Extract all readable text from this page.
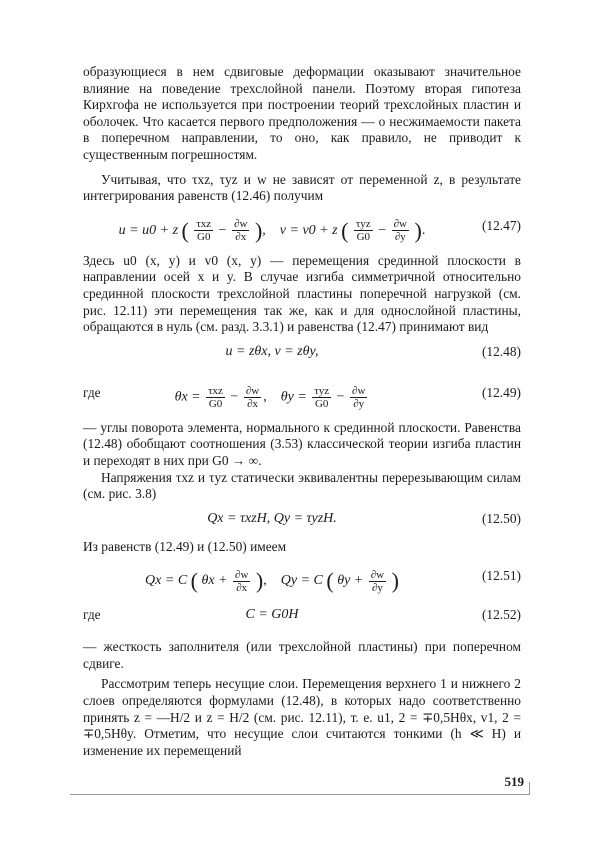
образующиеся в нем сдвиговые деформации оказывают значительное влияние на поведение трехслойной панели. Поэтому вторая гипотеза Кирхгофа не используется при построении теорий трехслойных пластин и оболочек. Что касается первого предположения — о несжимаемости пакета в поперечном направлении, то оно, как правило, не приводит к существенным погрешностям.

Учитывая, что τxz, τyz и w не зависят от переменной z, в результате интегрирования равенств (12.46) получим

u = u0 + z ( $\frac{\text{τxz}}{G0} - \frac{\partial w}{\partial x}$ ), v = v0 + z ( $\frac{\text{τyz}}{G0} - \frac{\partial w}{\partial y}$ ).	(12.47)

Здесь u0 (x, y) и v0 (x, y) — перемещения срединной плоскости в направлении осей x и y. В случае изгиба симметричной относительно срединной плоскости трехслойной пластины поперечной нагрузкой (см. рис. 12.11) эти перемещения так же, как и для однослойной пластины, обращаются в нуль (см. разд. 3.3.1) и равенства (12.47) принимают вид

u = zθx, v = zθy,	(12.48)
где	$\theta x = \frac{\text{τxz}}{G0} - \frac{\partial w}{\partial x}$ , $\theta y = \frac{\text{τyz}}{G0} - \frac{\partial w}{\partial y}$	(12.49)

— углы поворота элемента, нормального к срединной плоскости. Равенства (12.48) обобщают соотношения (3.53) классической теории изгиба пластин и переходят в них при G0 → ∞.

Напряжения τxz и τyz статически эквивалентны перерезывающим силам (см. рис. 3.8)

Qx = τxzH, Qy = τyzH.	(12.50)

Из равенств (12.49) и (12.50) имеем

Qx = C ( $\theta x + \frac{\partial w}{\partial x}$ ), Qy = C ( $\theta y + \frac{\partial w}{\partial y}$ )	(12.51)
где	C = G0H	(12.52)

— жесткость заполнителя (или трехслойной пластины) при поперечном сдвиге.

Рассмотрим теперь несущие слои. Перемещения верхнего 1 и нижнего 2 слоев определяются формулами (12.48), в которых надо соответственно принять z = —H/2 и z = H/2 (см. рис. 12.11), т. е. u1, 2 = ∓0,5Hθx, v1, 2 = ∓0,5Hθy. Отметим, что несущие слои считаются тонкими (h ≪ H) и изменение их перемещений

519
